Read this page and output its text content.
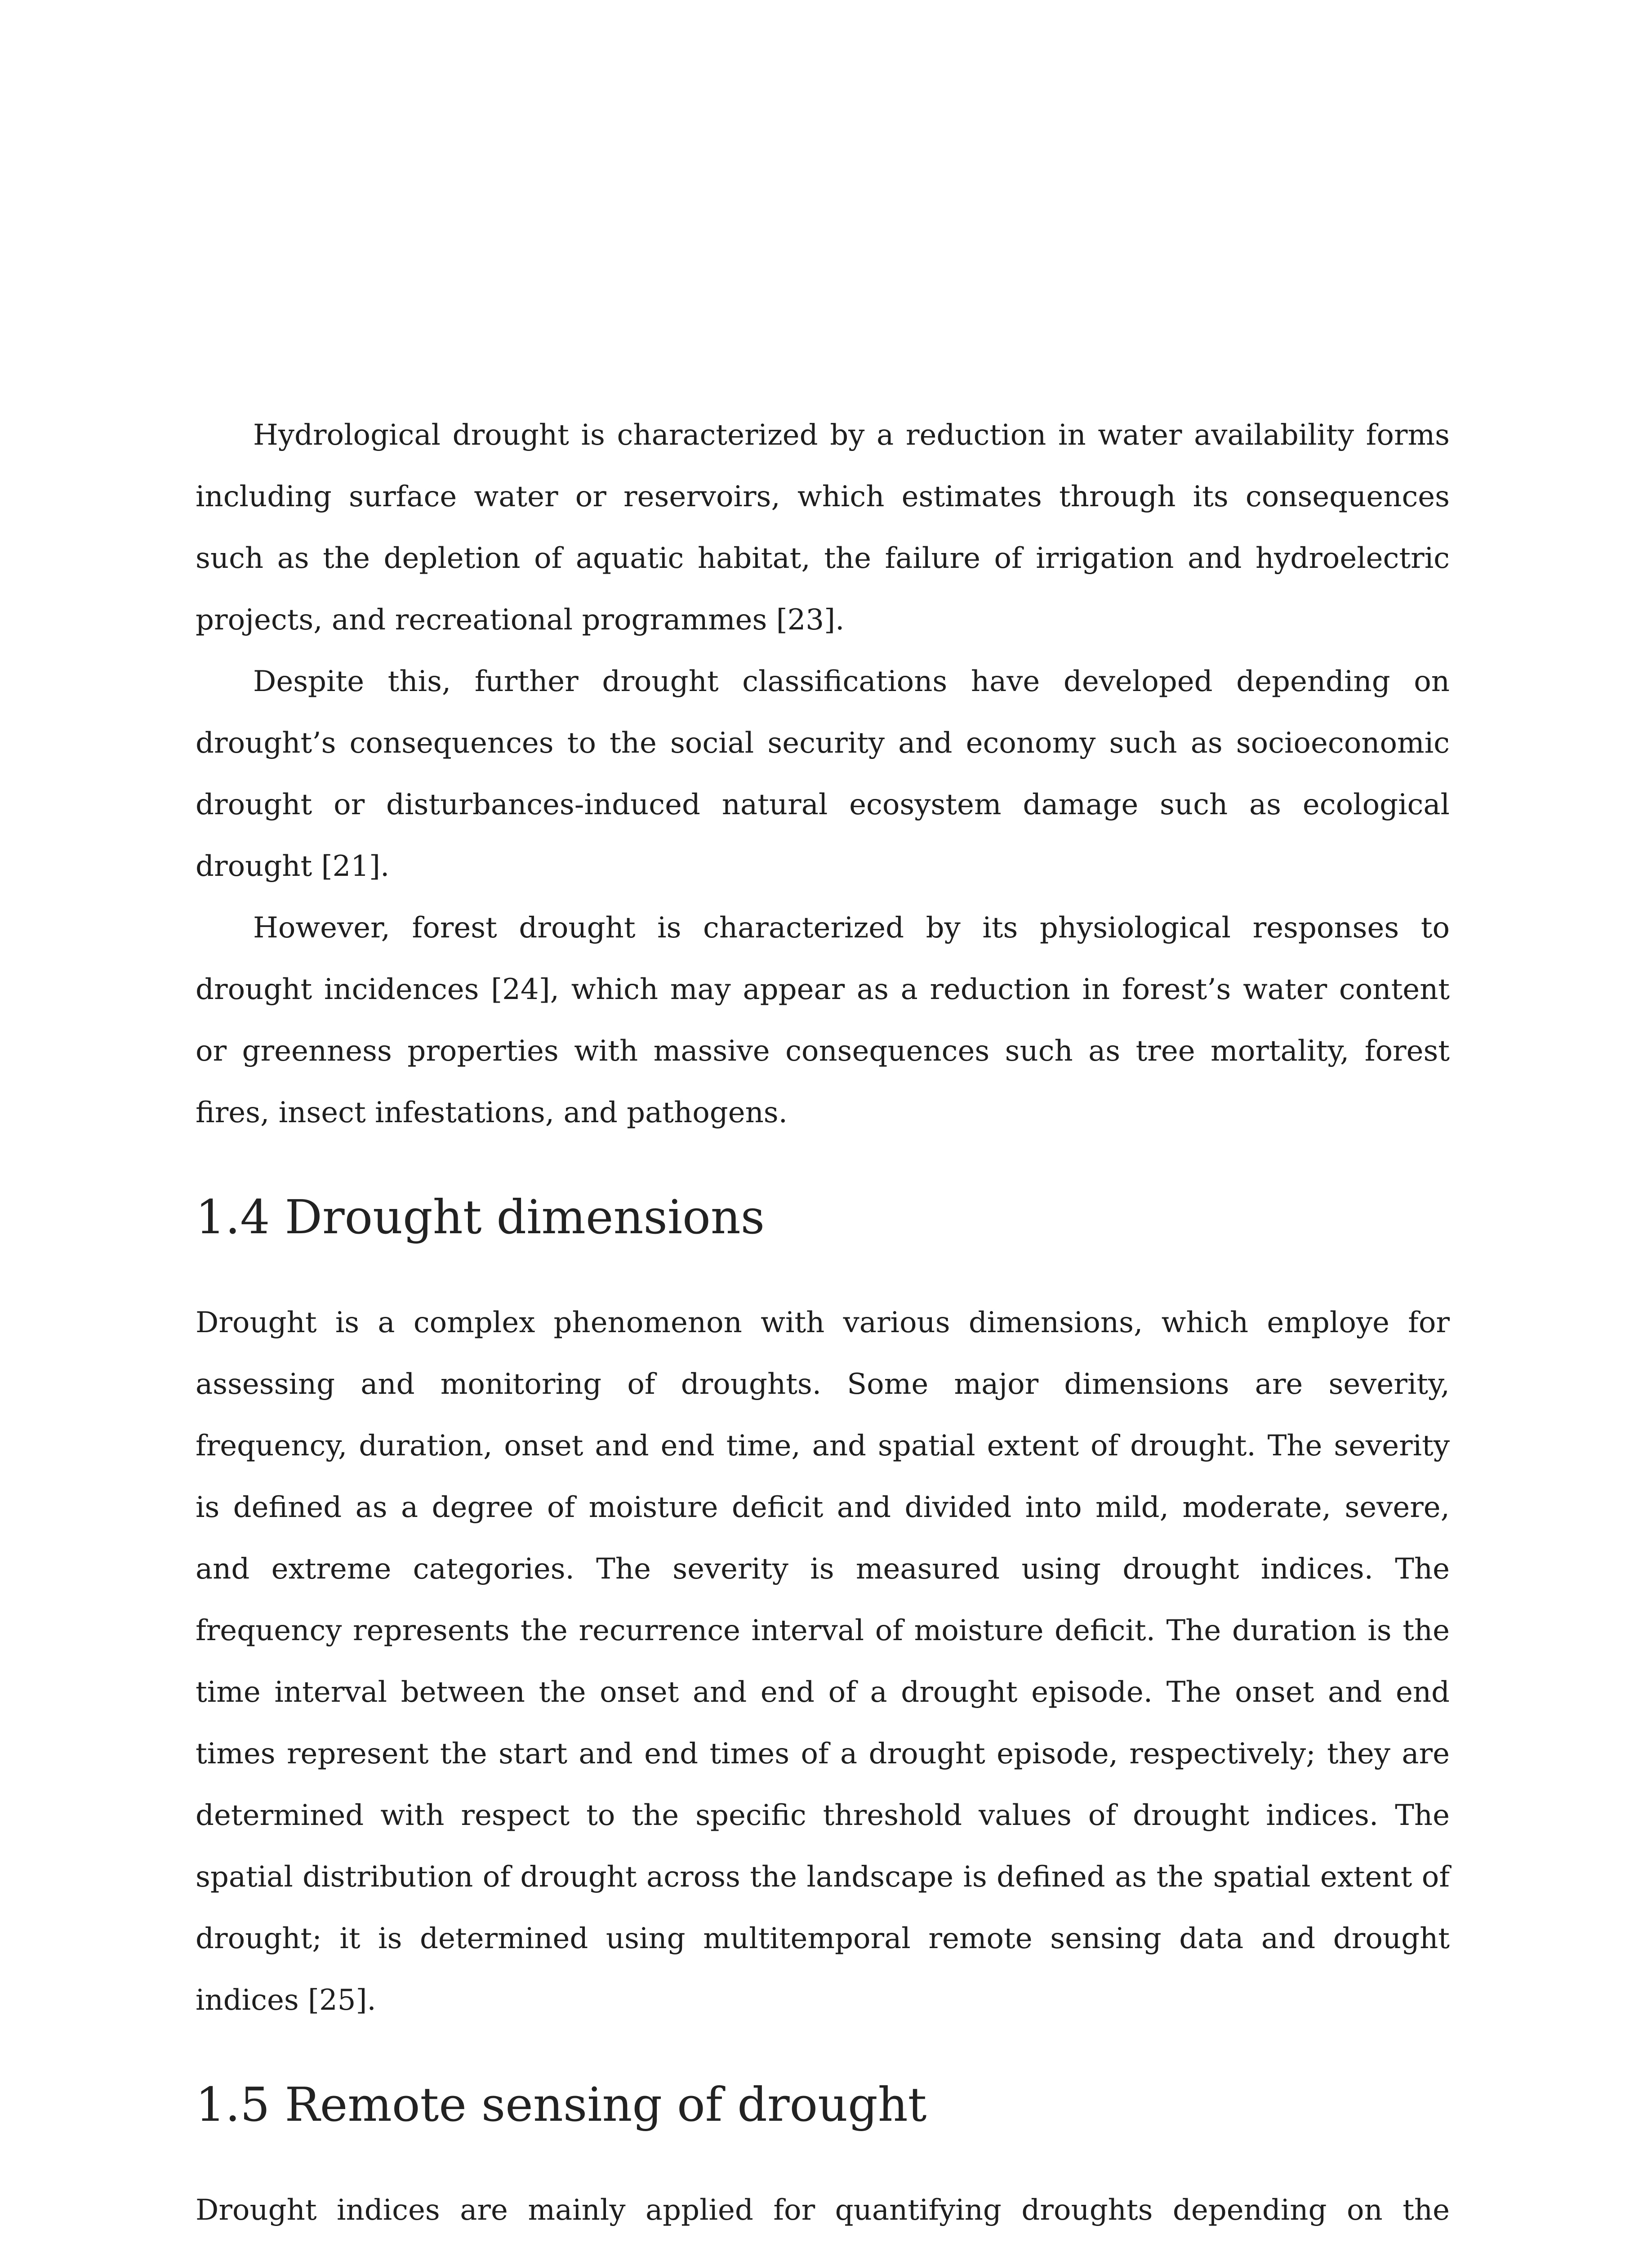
Hydrological drought is characterized by a reduction in water availability forms including surface water or reservoirs, which estimates through its consequences such as the depletion of aquatic habitat, the failure of irrigation and hydroelectric projects, and recreational programmes [23].

Despite this, further drought classifications have developed depending on drought’s consequences to the social security and economy such as socioeconomic drought or disturbances-induced natural ecosystem damage such as ecological drought [21].

However, forest drought is characterized by its physiological responses to drought incidences [24], which may appear as a reduction in forest’s water content or greenness properties with massive consequences such as tree mortality, forest fires, insect infestations, and pathogens.

1.4 Drought dimensions

Drought is a complex phenomenon with various dimensions, which employe for assessing and monitoring of droughts. Some major dimensions are severity, frequency, duration, onset and end time, and spatial extent of drought. The severity is defined as a degree of moisture deficit and divided into mild, moderate, severe, and extreme categories. The severity is measured using drought indices. The frequency represents the recurrence interval of moisture deficit. The duration is the time interval between the onset and end of a drought episode. The onset and end times represent the start and end times of a drought episode, respectively; they are determined with respect to the specific threshold values of drought indices. The spatial distribution of drought across the landscape is defined as the spatial extent of drought; it is determined using multitemporal remote sensing data and drought indices [25].

1.5 Remote sensing of drought

Drought indices are mainly applied for quantifying droughts depending on the
